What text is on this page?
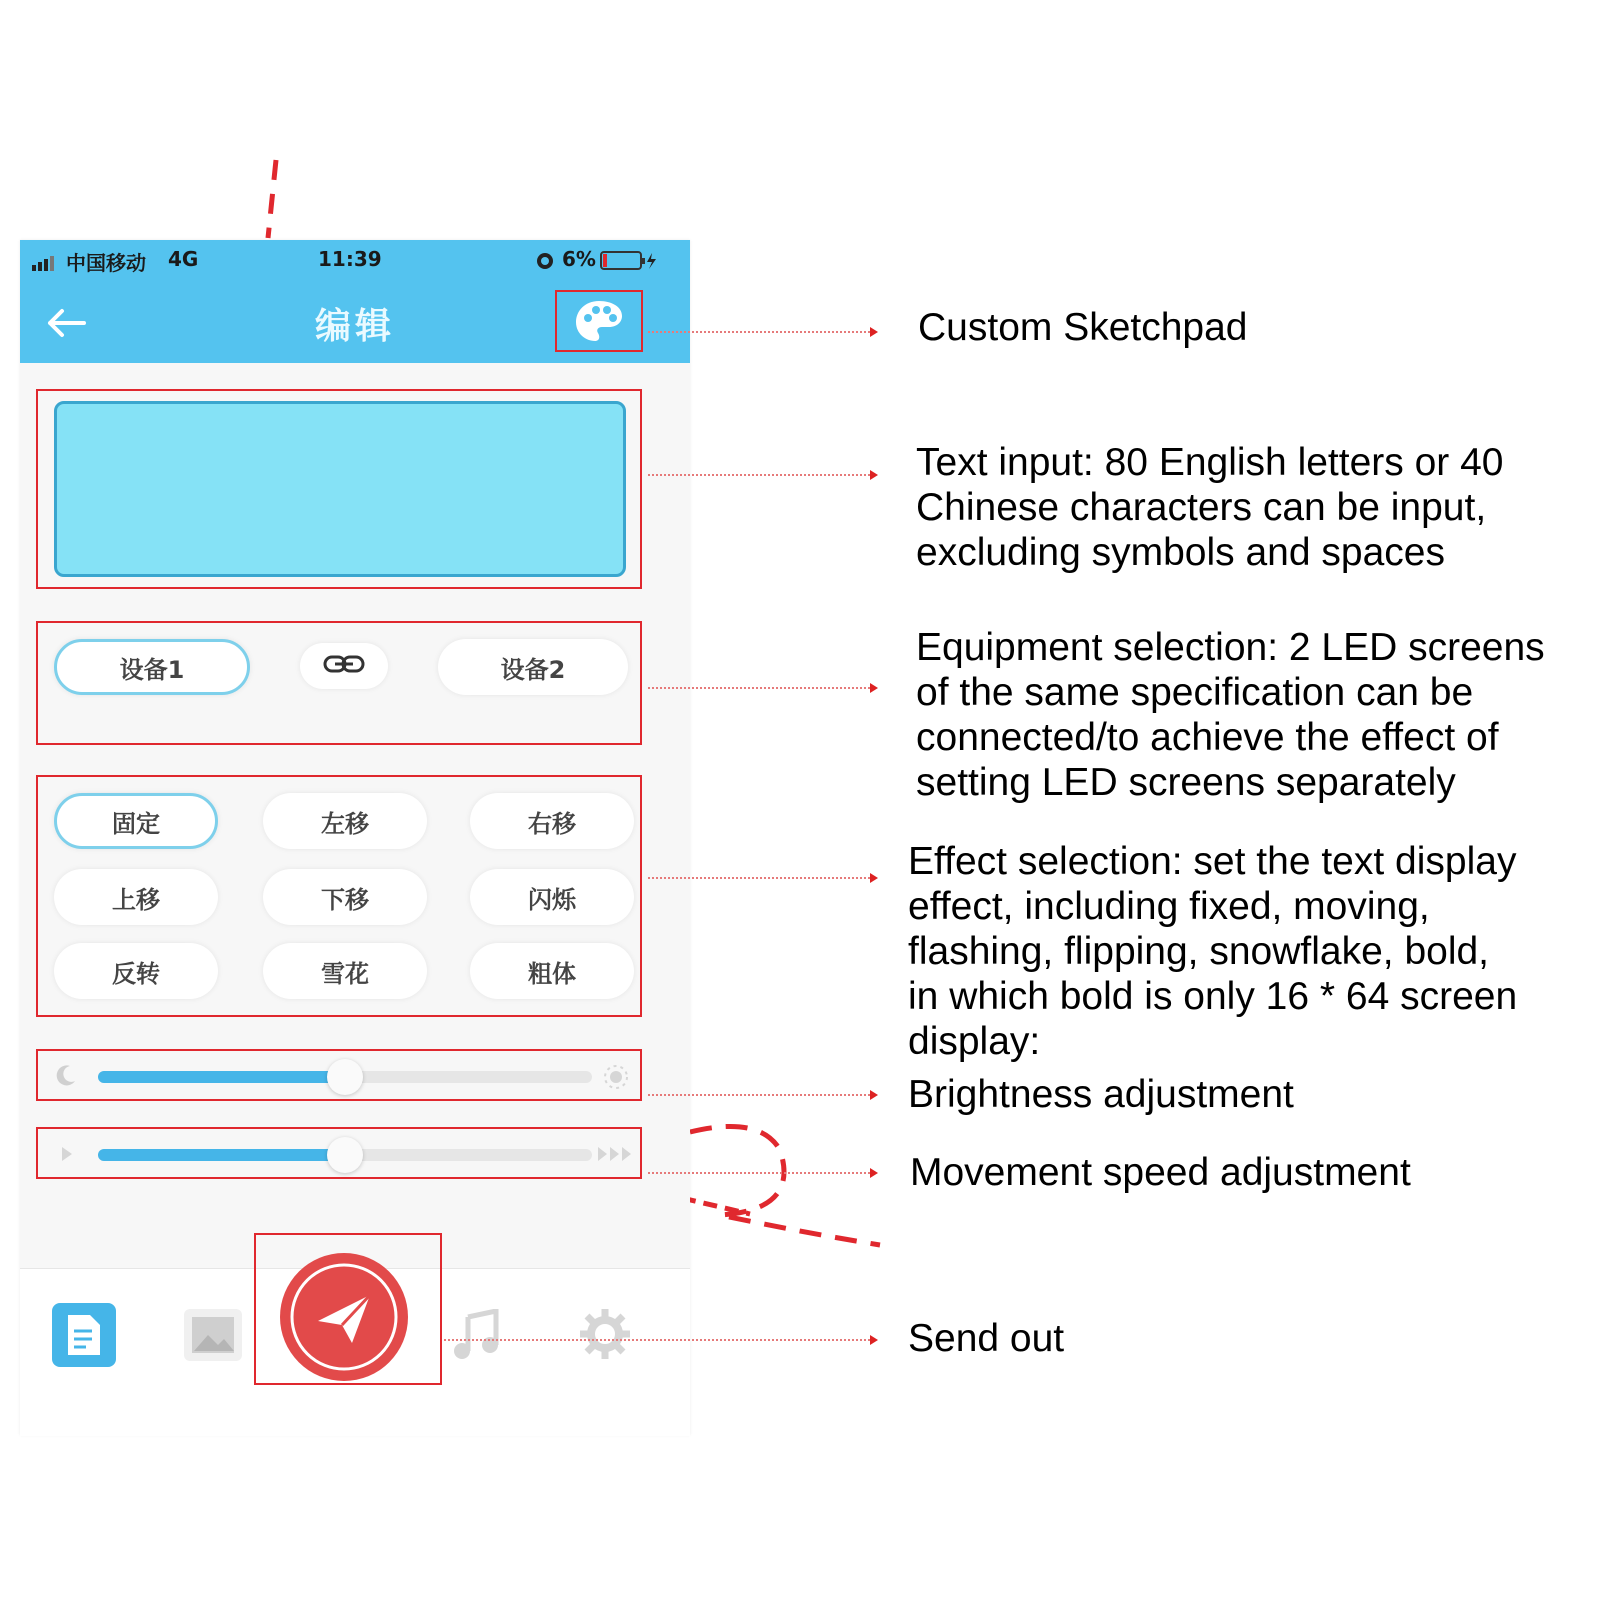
中国移动 4G	11:39	6%
编辑
设备1	设备2
固定	左移	右移
上移	下移	闪烁
反转	雪花	粗体
Custom Sketchpad
Text input: 80 English letters or 40
Chinese characters can be input,
excluding symbols and spaces
Equipment selection: 2 LED screens
of the same specification can be
connected/to achieve the effect of
setting LED screens separately
Effect selection: set the text display
effect, including fixed, moving,
flashing, flipping, snowflake, bold,
in which bold is only 16 * 64 screen
display:
Brightness adjustment
Movement speed adjustment
Send out
